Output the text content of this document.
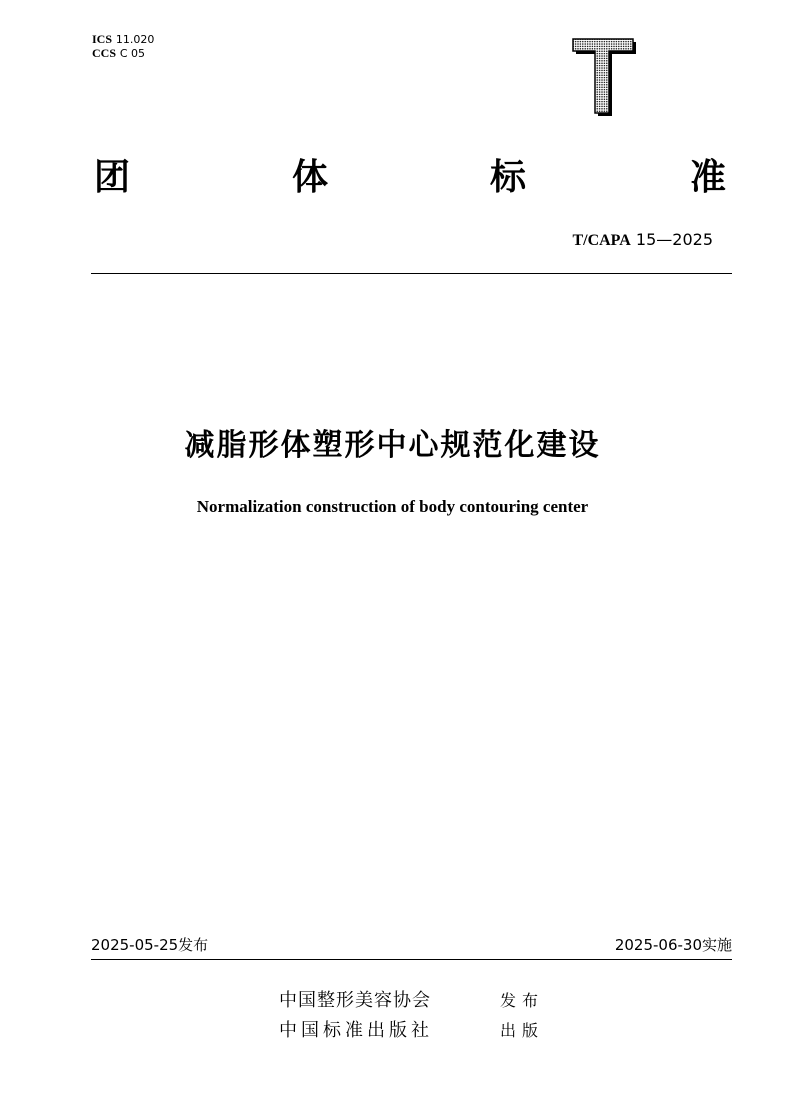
ICS 11.020
CCS C 05
团	体	标	准
T/CAPA 15—2025
减脂形体塑形中心规范化建设
Normalization construction of body contouring center
2025-05-25发布	2025-06-30实施
中国整形美容协会	发布
中国标准出版社	出版
